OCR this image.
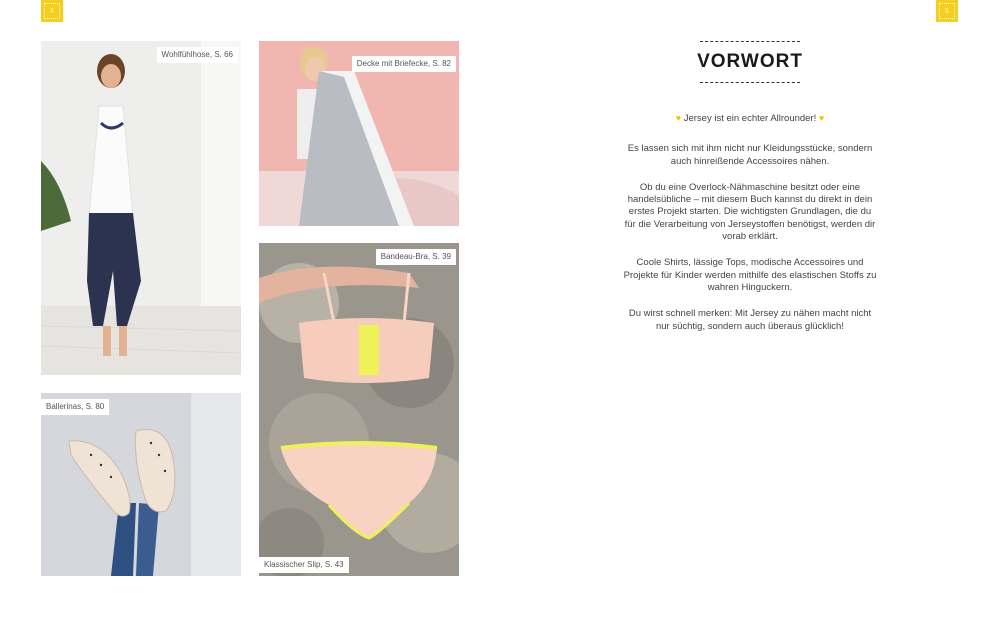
4	5
Wohlfühlhose, S. 66
Decke mit Briefecke, S. 82
Bandeau-Bra, S. 39
Klassischer Slip, S. 43
Ballerinas, S. 80
VORWORT

♥ Jersey ist ein echter Allrounder! ♥

Es lassen sich mit ihm nicht nur Kleidungsstücke, sondern auch hinreißende Accessoires nähen.

Ob du eine Overlock-Nähmaschine besitzt oder eine handelsübliche – mit diesem Buch kannst du direkt in dein erstes Projekt starten. Die wichtigsten Grundlagen, die du für die Verarbeitung von Jerseystoffen benötigst, werden dir vorab erklärt.

Coole Shirts, lässige Tops, modische Accessoires und Projekte für Kinder werden mithilfe des elastischen Stoffs zu wahren Hinguckern.

Du wirst schnell merken: Mit Jersey zu nähen macht nicht nur süchtig, sondern auch überaus glücklich!
